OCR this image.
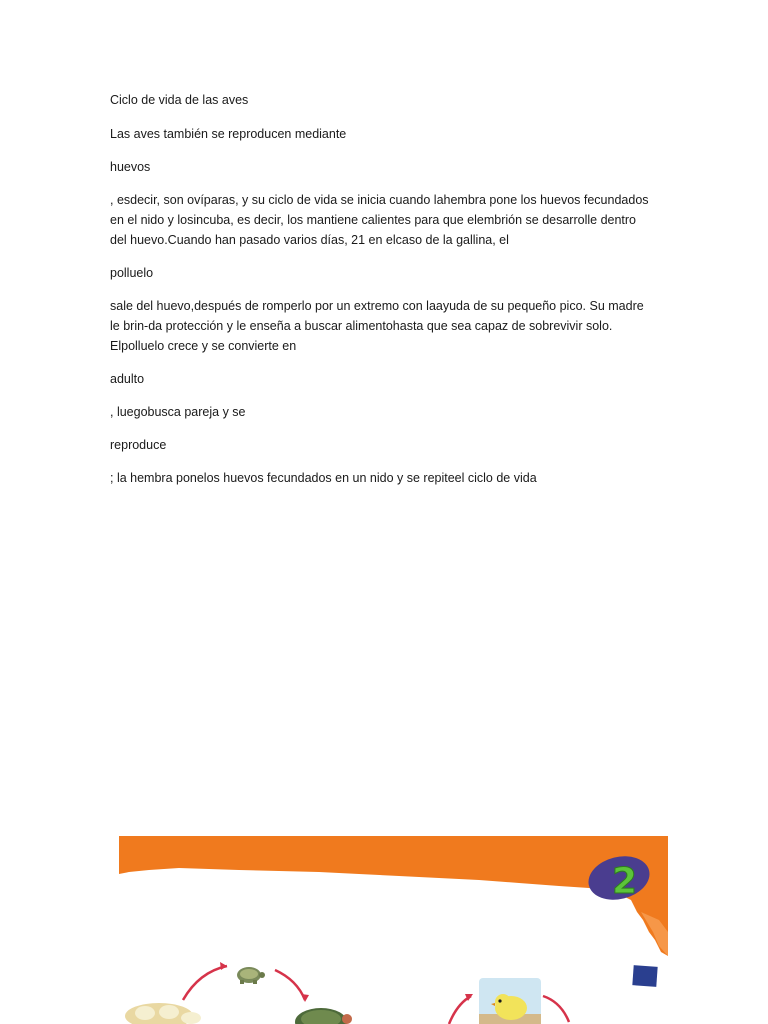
Ciclo de vida de las aves
Las aves también se reproducen mediante
huevos
, esdecir, son ovíparas, y su ciclo de vida se inicia cuando lahembra pone los huevos fecundados en el nido y losincuba, es decir, los mantiene calientes para que elembrión se desarrolle dentro del huevo.Cuando han pasado varios días, 21 en elcaso de la gallina, el
polluelo
sale del huevo,después de romperlo por un extremo con laayuda de su pequeño pico. Su madre le brin-da protección y le enseña a buscar alimentohasta que sea capaz de sobrevivir solo. Elpolluelo crece y se convierte en
adulto
, luegobusca pareja y se
reproduce
; la hembra ponelos huevos fecundados en un nido y se repiteel ciclo de vida
2
